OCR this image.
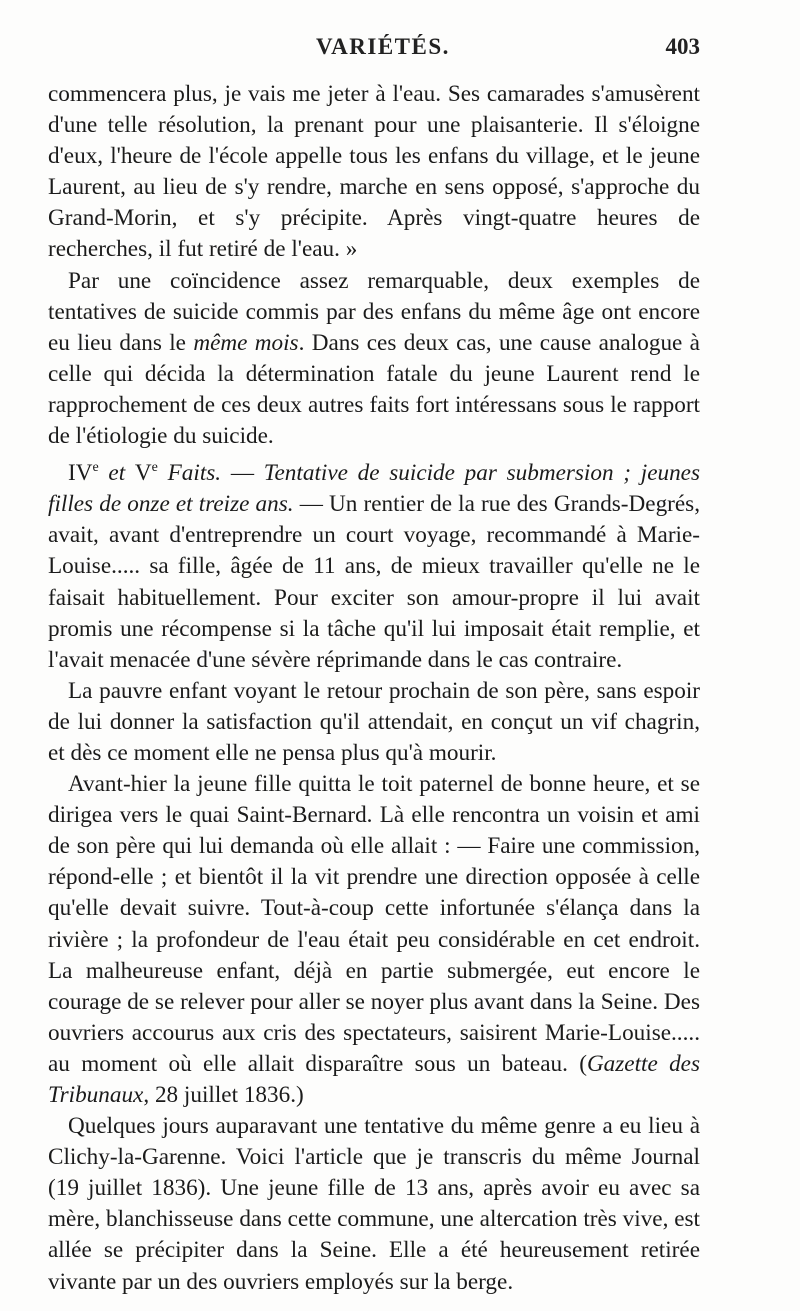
VARIÉTÉS.	403

commencera plus, je vais me jeter à l'eau. Ses camarades s'amusèrent d'une telle résolution, la prenant pour une plaisanterie. Il s'éloigne d'eux, l'heure de l'école appelle tous les enfans du village, et le jeune Laurent, au lieu de s'y rendre, marche en sens opposé, s'approche du Grand-Morin, et s'y précipite. Après vingt-quatre heures de recherches, il fut retiré de l'eau. »

Par une coïncidence assez remarquable, deux exemples de tentatives de suicide commis par des enfans du même âge ont encore eu lieu dans le même mois. Dans ces deux cas, une cause analogue à celle qui décida la détermination fatale du jeune Laurent rend le rapprochement de ces deux autres faits fort intéressans sous le rapport de l'étiologie du suicide.

IVe et Ve Faits. — Tentative de suicide par submersion ; jeunes filles de onze et treize ans. — Un rentier de la rue des Grands-Degrés, avait, avant d'entreprendre un court voyage, recommandé à Marie-Louise..... sa fille, âgée de 11 ans, de mieux travailler qu'elle ne le faisait habituellement. Pour exciter son amour-propre il lui avait promis une récompense si la tâche qu'il lui imposait était remplie, et l'avait menacée d'une sévère réprimande dans le cas contraire.

La pauvre enfant voyant le retour prochain de son père, sans espoir de lui donner la satisfaction qu'il attendait, en conçut un vif chagrin, et dès ce moment elle ne pensa plus qu'à mourir.

Avant-hier la jeune fille quitta le toit paternel de bonne heure, et se dirigea vers le quai Saint-Bernard. Là elle rencontra un voisin et ami de son père qui lui demanda où elle allait : — Faire une commission, répond-elle ; et bientôt il la vit prendre une direction opposée à celle qu'elle devait suivre. Tout-à-coup cette infortunée s'élança dans la rivière ; la profondeur de l'eau était peu considérable en cet endroit. La malheureuse enfant, déjà en partie submergée, eut encore le courage de se relever pour aller se noyer plus avant dans la Seine. Des ouvriers accourus aux cris des spectateurs, saisirent Marie-Louise..... au moment où elle allait disparaître sous un bateau. (Gazette des Tribunaux, 28 juillet 1836.)

Quelques jours auparavant une tentative du même genre a eu lieu à Clichy-la-Garenne. Voici l'article que je transcris du même Journal (19 juillet 1836). Une jeune fille de 13 ans, après avoir eu avec sa mère, blanchisseuse dans cette commune, une altercation très vive, est allée se précipiter dans la Seine. Elle a été heureusement retirée vivante par un des ouvriers employés sur la berge.
